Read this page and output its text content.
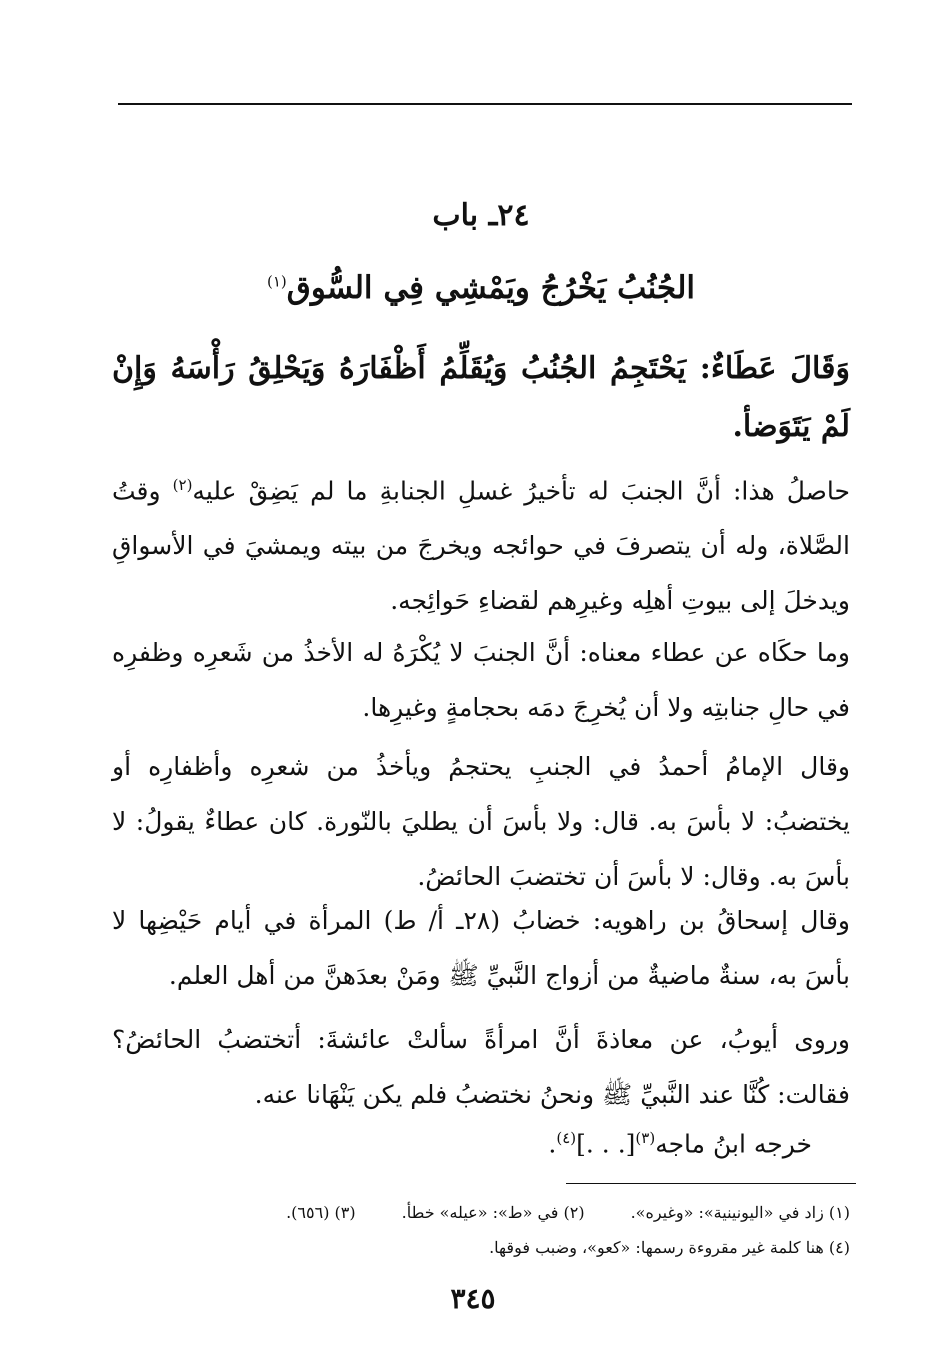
٢٤ـ باب
الجُنُبُ يَخْرُجُ ويَمْشِي فِي السُّوق$^{(١)}$
وَقَالَ عَطَاءٌ: يَحْتَجِمُ الجُنُبُ وَيُقَلِّمُ أَظْفَارَهُ وَيَحْلِقُ رَأْسَهُ وَإِنْ لَمْ يَتَوَضأ.
حاصلُ هذا: أنَّ الجنبَ له تأخيرُ غسلِ الجنابةِ ما لم يَضِقْ عليه$^{(٢)}$ وقتُ الصَّلاة، وله أن يتصرفَ في حوائجه ويخرجَ من بيته ويمشيَ في الأسواقِ ويدخلَ إلى بيوتِ أهلِه وغيرِهم لقضاءِ حَوائِجه.
وما حكَاه عن عطاء معناه: أنَّ الجنبَ لا يُكْرَهُ له الأخذُ من شَعرِه وظفرِه في حالِ جنابتِه ولا أن يُخرِجَ دمَه بحجامةٍ وغيرِها.
وقال الإمامُ أحمدُ في الجنبِ يحتجمُ ويأخذُ من شعرِه وأظفارِه أو يختضبُ: لا بأسَ به. قال: ولا بأسَ أن يطليَ بالنّورة. كان عطاءٌ يقولُ: لا بأسَ به. وقال: لا بأسَ أن تختضبَ الحائضُ.
وقال إسحاقُ بن راهويه: خضابُ (٢٨ـ أ/ ط) المرأة في أيام حَيْضِها لا بأسَ به، سنةٌ ماضيةٌ من أزواج النَّبيِّ ﷺ ومَنْ بعدَهنَّ من أهل العلم.
وروى أيوبُ، عن معاذةَ أنَّ امرأةً سألتْ عائشةَ: أتختضبُ الحائضُ؟ فقالت: كُنَّا عند النَّبيِّ ﷺ ونحنُ نختضبُ فلم يكن يَنْهَانا عنه.
خرجه ابنُ ماجه$^{(٣)}$[. . .]$^{(٤)}$.
(١) زاد في «اليونينية»: «وغيره».
(٢) في «ط»: «عيله» خطأ.
(٣) (٦٥٦).
(٤) هنا كلمة غير مقروءة رسمها: «كعو»، وضبب فوقها.
٣٤٥
